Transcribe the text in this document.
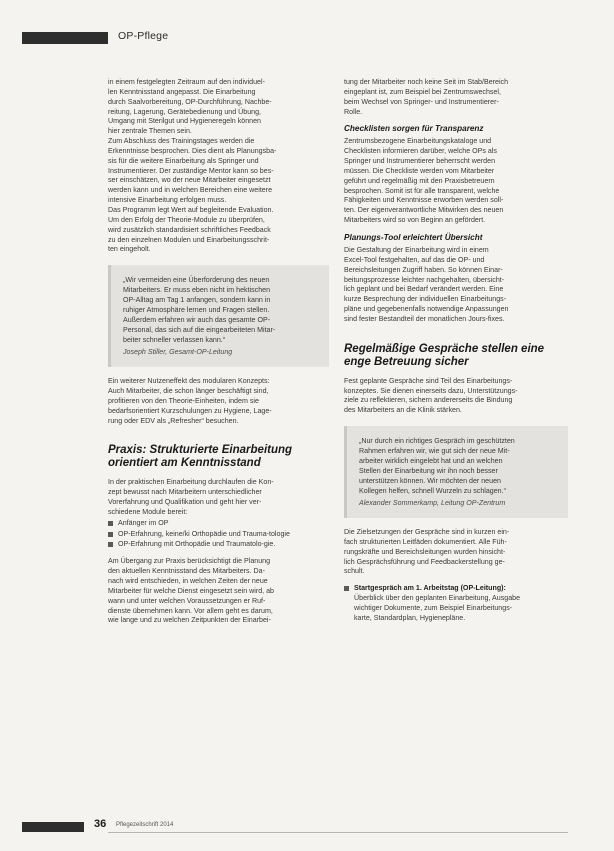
OP-Pflege
in einem festgelegten Zeitraum auf den individuel-
len Kenntnisstand angepasst. Die Einarbeitung
durch Saalvorbereitung, OP-Durchführung, Nachbe-
reitung, Lagerung, Gerätebedienung und Übung,
Umgang mit Sterilgut und Hygieneregeln können
hier zentrale Themen sein.
Zum Abschluss des Trainingstages werden die
Erkenntnisse besprochen. Dies dient als Planungsba-
sis für die weitere Einarbeitung als Springer und
Instrumentierer. Der zuständige Mentor kann so bes-
ser einschätzen, wo der neue Mitarbeiter eingesetzt
werden kann und in welchen Bereichen eine weitere
intensive Einarbeitung erfolgen muss.
Das Programm legt Wert auf begleitende Evaluation.
Um den Erfolg der Theorie-Module zu überprüfen,
wird zusätzlich standardisiert schriftliches Feedback
zu den einzelnen Modulen und Einarbeitungsschrit-
ten eingeholt.
„Wir vermeiden eine Überforderung des neuen
Mitarbeiters. Er muss eben nicht im hektischen
OP-Alltag am Tag 1 anfangen, sondern kann in
ruhiger Atmosphäre lernen und Fragen stellen.
Außerdem erfahren wir auch das gesamte OP-
Personal, das sich auf die eingearbeiteten Mitar-
beiter schneller verlassen kann.“
Joseph Stiller, Gesamt-OP-Leitung
Ein weiterer Nutzeneffekt des modularen Konzepts:
Auch Mitarbeiter, die schon länger beschäftigt sind,
profitieren von den Theorie-Einheiten, indem sie
bedarfsorientiert Kurzschulungen zu Hygiene, Lage-
rung oder EDV als „Refresher“ besuchen.
Praxis: Strukturierte Einarbeitung orientiert am Kenntnisstand
In der praktischen Einarbeitung durchlaufen die Kon-
zept bewusst nach Mitarbeitern unterschiedlicher
Vorerfahrung und Qualifikation und geht hier ver-
schiedene Module bereit:
Anfänger im OP
OP-Erfahrung, keine/ki Orthopädie und Trauma-tologie
OP-Erfahrung mit Orthopädie und Traumatolo-gie.
Am Übergang zur Praxis berücksichtigt die Planung
den aktuellen Kenntnisstand des Mitarbeiters. Da-
nach wird entschieden, in welchen Zeiten der neue
Mitarbeiter für welche Dienst eingesetzt sein wird, ab
wann und unter welchen Voraussetzungen er Ruf-
dienste übernehmen kann. Vor allem geht es darum,
wie lange und zu welchen Zeitpunkten der Einarbei-
tung der Mitarbeiter noch keine Seit im Stab/Bereich
eingeplant ist, zum Beispiel bei Zentrumswechsel,
beim Wechsel von Springer- und Instrumentierer-
Rolle.
Checklisten sorgen für Transparenz
Zentrumsbezogene Einarbeitungskataloge und
Checklisten informieren darüber, welche OPs als
Springer und Instrumentierer beherrscht werden
müssen. Die Checkliste werden vom Mitarbeiter
geführt und regelmäßig mit den Praxisbetreuern
besprochen. Somit ist für alle transparent, welche
Fähigkeiten und Kenntnisse erworben werden soll-
ten. Der eigenverantwortliche Mitwirken des neuen
Mitarbeiters wird so von Beginn an gefördert.
Planungs-Tool erleichtert Übersicht
Die Gestaltung der Einarbeitung wird in einem
Excel-Tool festgehalten, auf das die OP- und
Bereichsleitungen Zugriff haben. So können Einar-
beitungsprozesse leichter nachgehalten, übersicht-
lich geplant und bei Bedarf verändert werden. Eine
kurze Besprechung der individuellen Einarbeitungs-
pläne und gegebenenfalls notwendige Anpassungen
sind fester Bestandteil der monatlichen Jours-fixes.
Regelmäßige Gespräche stellen eine enge Betreuung sicher
Fest geplante Gespräche sind Teil des Einarbeitungs-
konzeptes. Sie dienen einerseits dazu, Unterstützungs-
ziele zu reflektieren, sichern andererseits die Bindung
des Mitarbeiters an die Klinik stärken.
„Nur durch ein richtiges Gespräch im geschützten
Rahmen erfahren wir, wie gut sich der neue Mit-
arbeiter wirklich eingelebt hat und an welchen
Stellen der Einarbeitung wir ihn noch besser
unterstützen können. Wir möchten der neuen
Kollegen helfen, schnell Wurzeln zu schlagen.“
Alexander Sommerkamp, Leitung OP-Zentrum
Die Zielsetzungen der Gespräche sind in kurzen ein-
fach strukturierten Leitfäden dokumentiert. Alle Füh-
rungskräfte und Bereichsleitungen wurden hinsicht-
lich Gesprächsführung und Feedbackerstellung ge-
schult.
Startgespräch am 1. Arbeitstag (OP-Leitung):
Überblick über den geplanten Einarbeitung, Ausgabe
wichtiger Dokumente, zum Beispiel Einarbeitungs-
karte, Standardplan, Hygienepläne.
36 Pflegezeitschrift 2014
